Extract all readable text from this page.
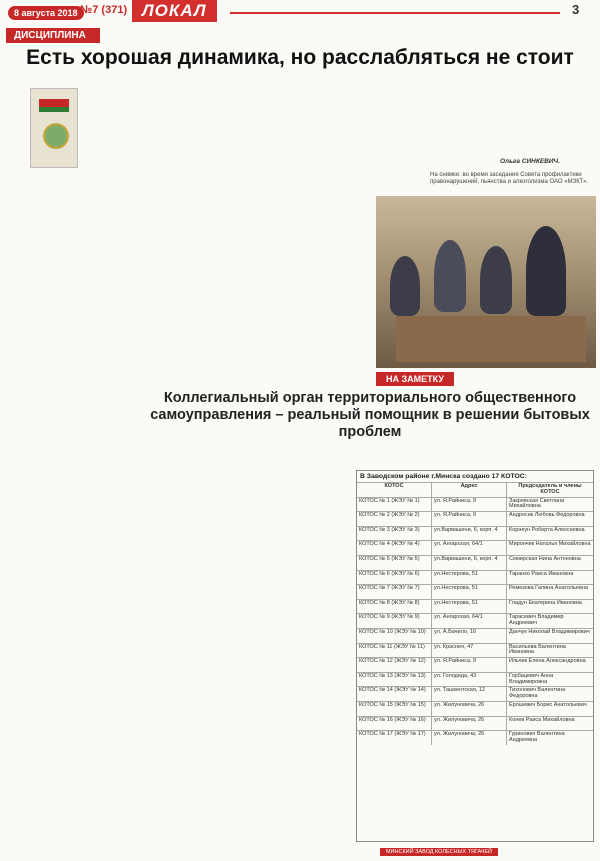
8 августа 2018 №7 (371) ЛОКАЛ	3
ДИСЦИПЛИНА
Есть хорошая динамика, но расслабляться не стоит
Ольга СИНКЕВИЧ.
На снимке: во время заседания Совета профилактики правонарушений, пьянства и алкоголизма ОАО «МЗКТ».
НА ЗАМЕТКУ
Коллегиальный орган территориального общественного самоуправления – реальный помощник в решении бытовых проблем
В Заводском районе г.Минска создано 17 КОТОС:
КОТОС	Адрес	Председатель и члены КОТОС
КОТОС № 1 (ЖЭУ № 1)	ул. Я.Райниса, 9	Закревская Светлана Михайловна
КОТОС № 2 (ЖЭУ № 2)	ул. Я.Райниса, 9	Андросик Любовь Федоровна
КОТОС № 3 (ЖЭУ № 3)	ул.Варвашени, 6, корп. 4	Корнеун Роберта Алексеевна
КОТОС № 4 (ЖЭУ № 4)	ул. Ангарская, 64/1	Мирончик Наталья Михайловна
КОТОС № 5 (ЖЭУ № 5)	ул.Варвашени, 6, корп. 4	Семирская Нина Антоновна
КОТОС № 6 (ЖЭУ № 6)	ул.Нестерова, 51	Таранко Раиса Ивановна
КОТОС № 7 (ЖЭУ № 7)	ул.Нестерова, 51	Ремезова Галина Анатольевна
КОТОС № 8 (ЖЭУ № 8)	ул.Нестерова, 51	Гладун Екатерина Ивановна
КОТОС № 9 (ЖЭУ № 9)	ул. Ангарская, 64/1	Тарасевич Владимир Андреевич
КОТОС № 10 (ЖЭУ № 10)	ул. А.Бачило, 16	Данчук Николай Владимирович
КОТОС № 11 (ЖЭУ № 11)	ул. Краснея, 47	Васильева Валентина Ивановна
КОТОС № 12 (ЖЭУ № 12)	ул. Я.Райниса, 9	Ильчик Елена Александровна
КОТОС № 13 (ЖЭУ № 13)	ул. Голодеда, 43	Горбацевич Анна Владимировна
КОТОС № 14 (ЖЭУ № 14)	ул. Ташкентская, 12	Тихонович Валентина Федоровна
КОТОС № 15 (ЖЭУ № 15)	ул. Жилуновича, 26	Ерошевич Борис Анатольевич
КОТОС № 16 (ЖЭУ № 16)	ул. Жилуновича, 26	Конев Раиса Михайловна
КОТОС № 17 (ЖЭУ № 17)	ул. Жилуновича, 26	Гуринович Валентина Андреевна
МИНСКИЙ ЗАВОД КОЛЕСНЫХ ТЯГАЧЕЙ
